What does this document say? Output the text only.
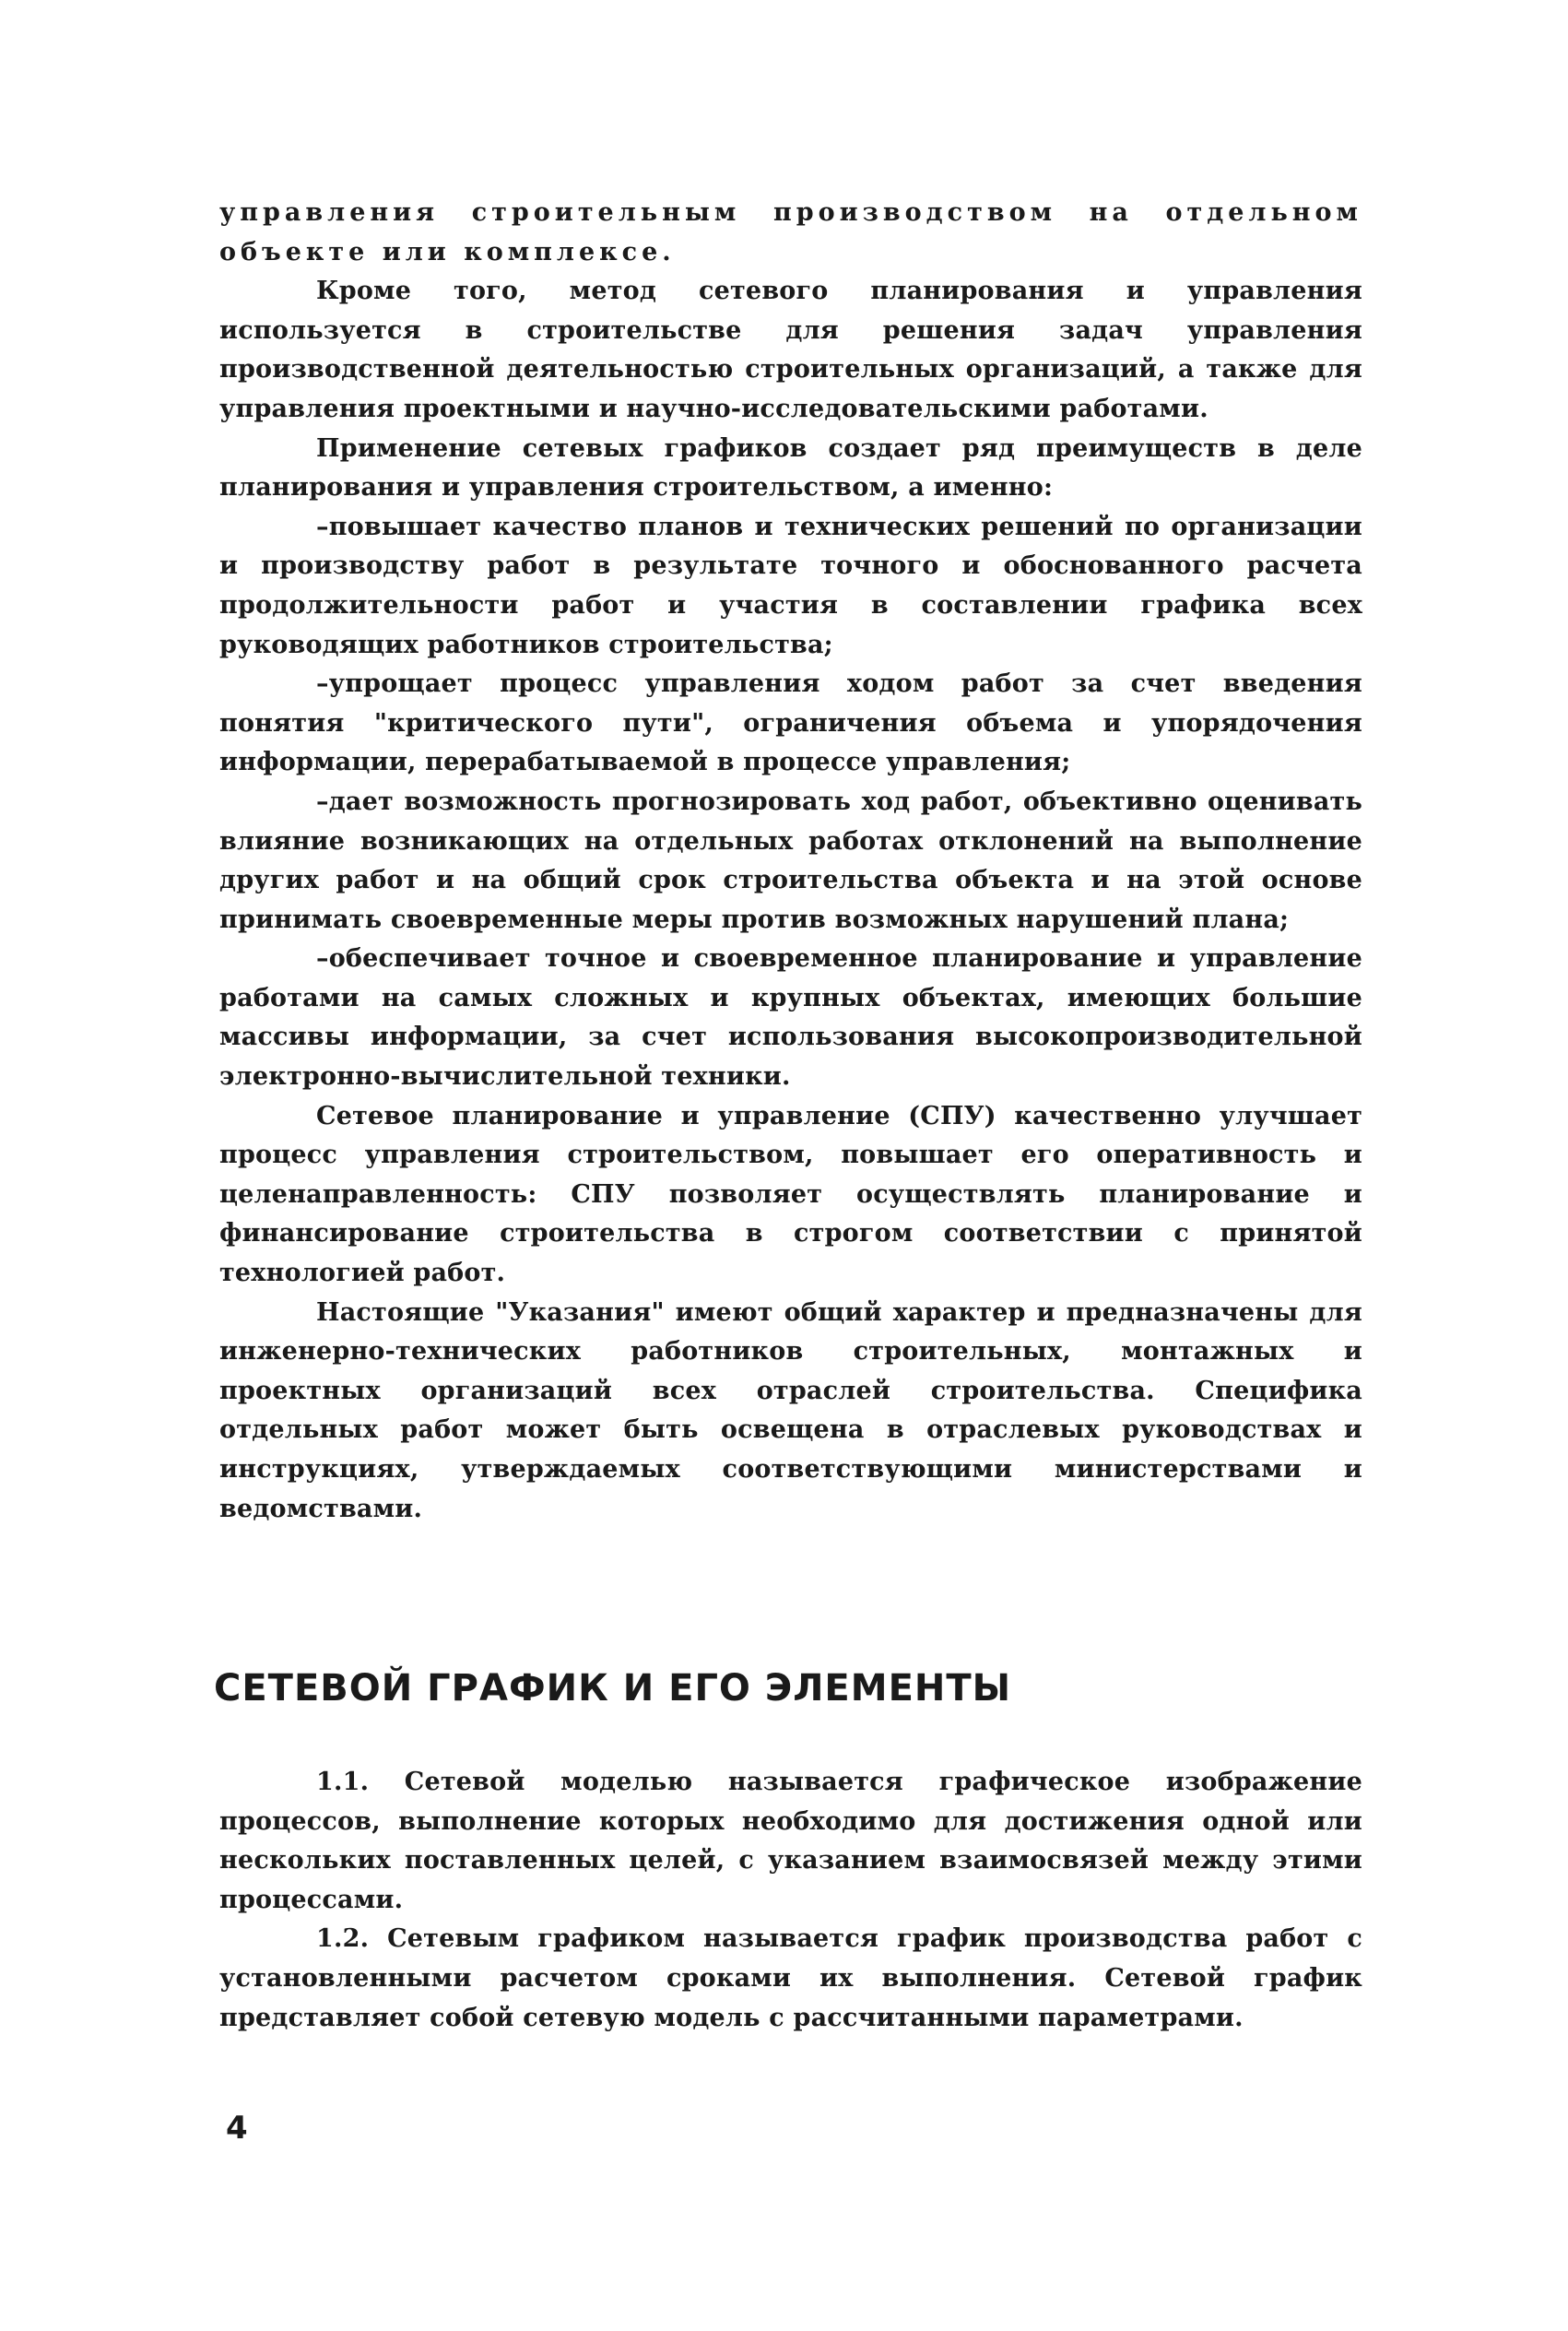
управления строительным производством на отдельном объекте или комплексе.

Кроме того, метод сетевого планирования и управления используется в строительстве для решения задач управления производственной деятельностью строительных организаций, а также для управления проектными и научно-исследовательскими работами.

Применение сетевых графиков создает ряд преимуществ в деле планирования и управления строительством, а именно:

–повышает качество планов и технических решений по организации и производству работ в результате точного и обоснованного расчета продолжительности работ и участия в составлении графика всех руководящих работников строительства;

–упрощает процесс управления ходом работ за счет введения понятия "критического пути", ограничения объема и упорядочения информации, перерабатываемой в процессе управления;

–дает возможность прогнозировать ход работ, объективно оценивать влияние возникающих на отдельных работах отклонений на выполнение других работ и на общий срок строительства объекта и на этой основе принимать своевременные меры против возможных нарушений плана;

–обеспечивает точное и своевременное планирование и управление работами на самых сложных и крупных объектах, имеющих большие массивы информации, за счет использования высокопроизводительной электронно-вычислительной техники.

Сетевое планирование и управление (СПУ) качественно улучшает процесс управления строительством, повышает его оперативность и целенаправленность: СПУ позволяет осуществлять планирование и финансирование строительства в строгом соответствии с принятой технологией работ.

Настоящие "Указания" имеют общий характер и предназначены для инженерно-технических работников строительных, монтажных и проектных организаций всех отраслей строительства. Специфика отдельных работ может быть освещена в отраслевых руководствах и инструкциях, утверждаемых соответствующими министерствами и ведомствами.

СЕТЕВОЙ ГРАФИК И ЕГО ЭЛЕМЕНТЫ

1.1. Сетевой моделью называется графическое изображение процессов, выполнение которых необходимо для достижения одной или нескольких поставленных целей, с указанием взаимосвязей между этими процессами.

1.2. Сетевым графиком называется график производства работ с установленными расчетом сроками их выполнения. Сетевой график представляет собой сетевую модель с рассчитанными параметрами.

4
